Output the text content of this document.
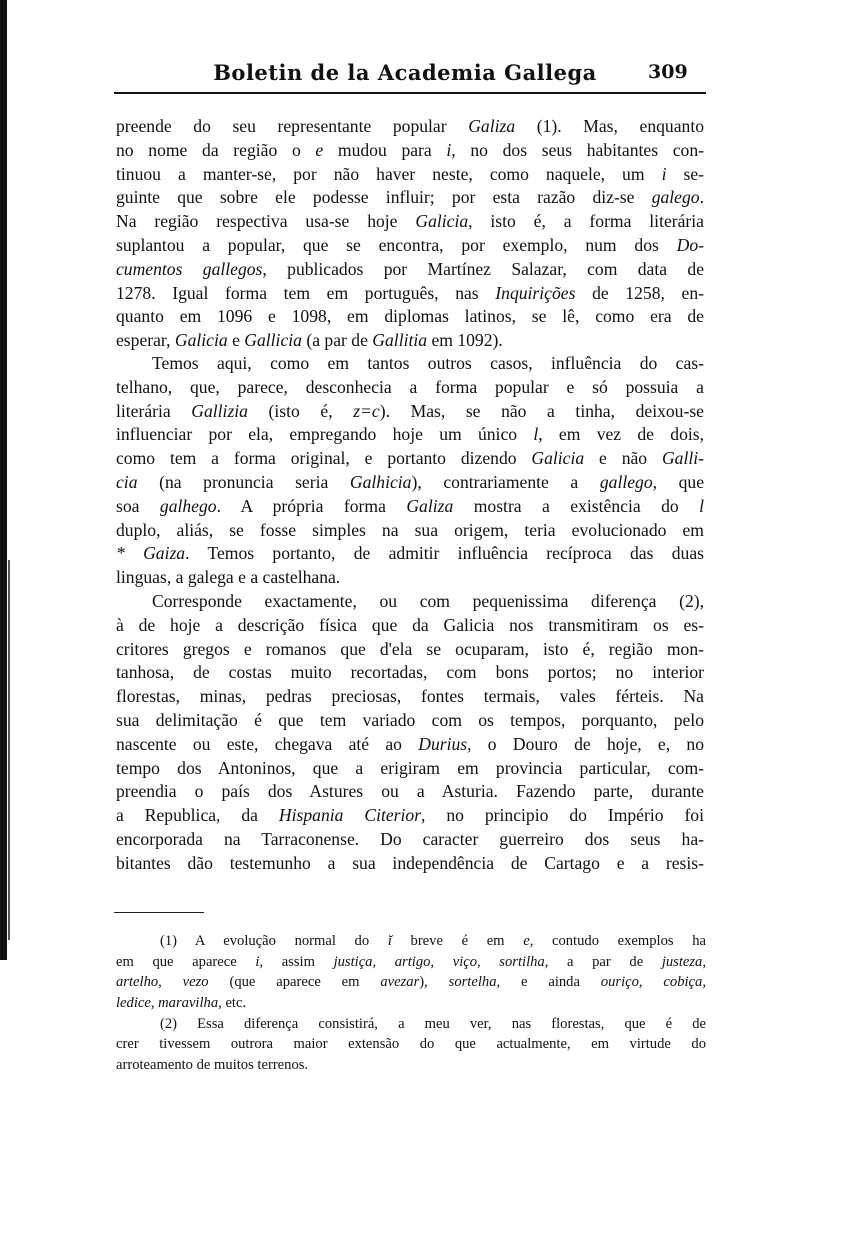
Boletin de la Academia Gallega	309
preende do seu representante popular Galiza (1). Mas, enquanto
no nome da região o e mudou para i, no dos seus habitantes con-
tinuou a manter-se, por não haver neste, como naquele, um i se-
guinte que sobre ele podesse influir; por esta razão diz-se galego.
Na região respectiva usa-se hoje Galicia, isto é, a forma literária
suplantou a popular, que se encontra, por exemplo, num dos Do-
cumentos gallegos, publicados por Martínez Salazar, com data de
1278. Igual forma tem em português, nas Inquirições de 1258, en-
quanto em 1096 e 1098, em diplomas latinos, se lê, como era de
esperar, Galicia e Gallicia (a par de Gallitia em 1092).
Temos aqui, como em tantos outros casos, influência do cas-
telhano, que, parece, desconhecia a forma popular e só possuia a
literária Gallizia (isto é, z=c). Mas, se não a tinha, deixou-se
influenciar por ela, empregando hoje um único l, em vez de dois,
como tem a forma original, e portanto dizendo Galicia e não Galli-
cia (na pronuncia seria Galhicia), contrariamente a gallego, que
soa galhego. A própria forma Galiza mostra a existência do l
duplo, aliás, se fosse simples na sua origem, teria evolucionado em
* Gaiza. Temos portanto, de admitir influência recíproca das duas
linguas, a galega e a castelhana.
Corresponde exactamente, ou com pequenissima diferença (2),
à de hoje a descrição física que da Galicia nos transmitiram os es-
critores gregos e romanos que d'ela se ocuparam, isto é, região mon-
tanhosa, de costas muito recortadas, com bons portos; no interior
florestas, minas, pedras preciosas, fontes termais, vales férteis. Na
sua delimitação é que tem variado com os tempos, porquanto, pelo
nascente ou este, chegava até ao Durius, o Douro de hoje, e, no
tempo dos Antoninos, que a erigiram em provincia particular, com-
preendia o país dos Astures ou a Asturia. Fazendo parte, durante
a Republica, da Hispania Citerior, no principio do Império foi
encorporada na Tarraconense. Do caracter guerreiro dos seus ha-
bitantes dão testemunho a sua independência de Cartago e a resis-
(1) A evolução normal do ĭ breve é em e, contudo exemplos ha
em que aparece i, assim justiça, artigo, viço, sortilha, a par de justeza,
artelho, vezo (que aparece em avezar), sortelha, e ainda ouriço, cobiça,
ledice, maravilha, etc.
(2) Essa diferença consistirá, a meu ver, nas florestas, que é de
crer tivessem outrora maior extensão do que actualmente, em virtude do
arroteamento de muitos terrenos.
